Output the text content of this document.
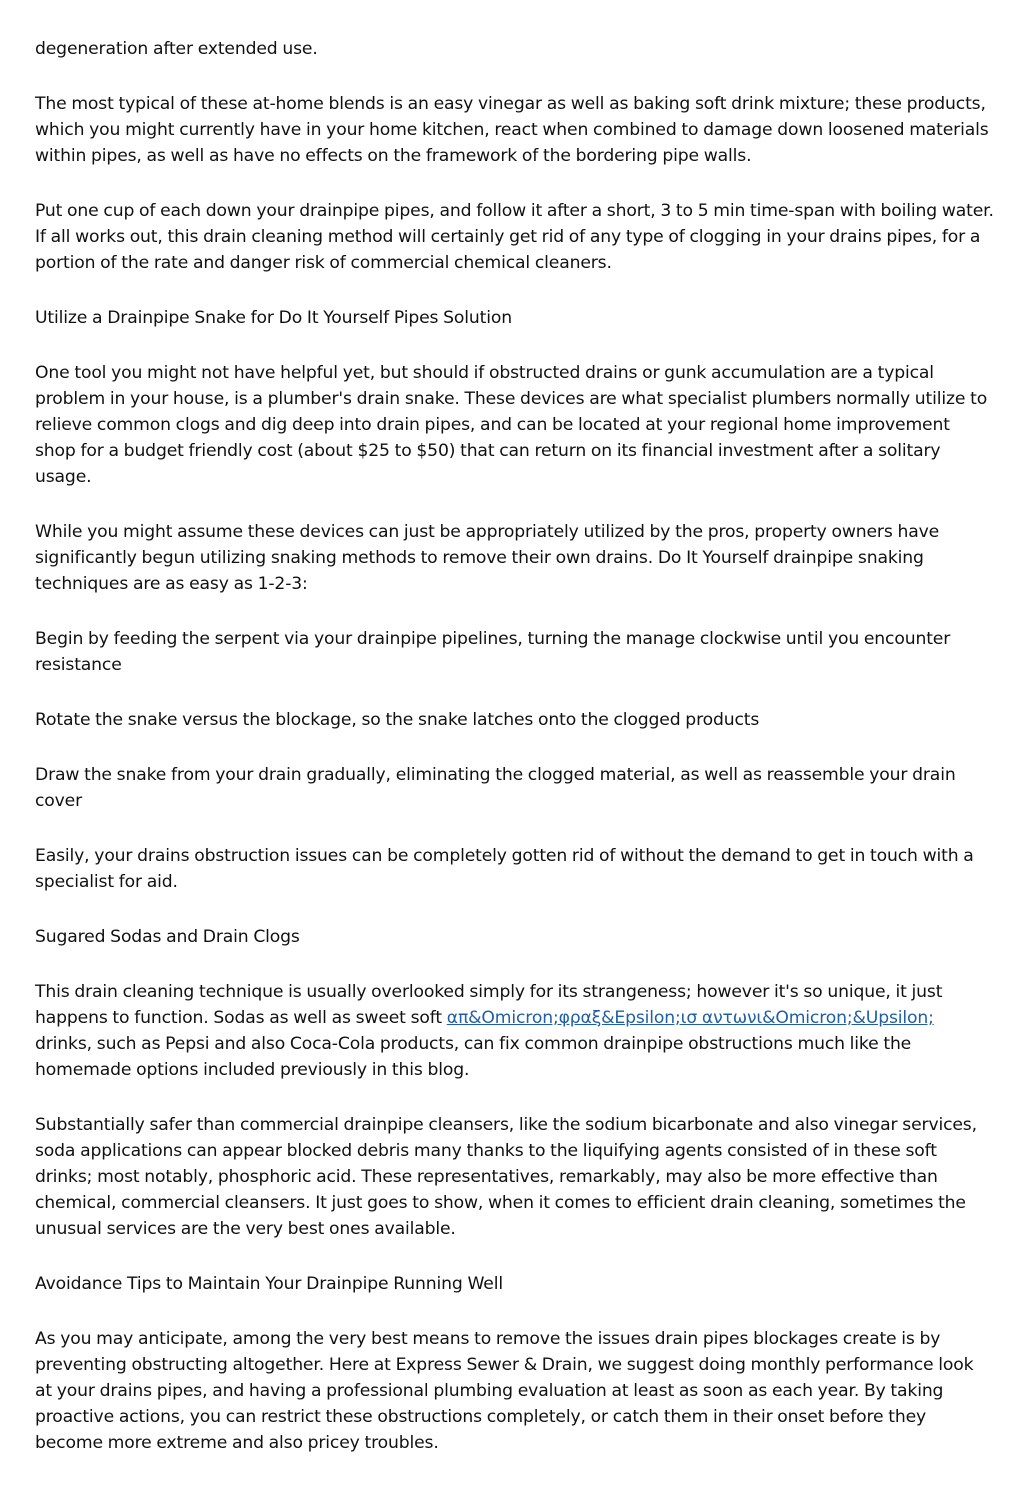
degeneration after extended use.

The most typical of these at-home blends is an easy vinegar as well as baking soft drink mixture; these products, which you might currently have in your home kitchen, react when combined to damage down loosened materials within pipes, as well as have no effects on the framework of the bordering pipe walls.

Put one cup of each down your drainpipe pipes, and follow it after a short, 3 to 5 min time-span with boiling water. If all works out, this drain cleaning method will certainly get rid of any type of clogging in your drains pipes, for a portion of the rate and danger risk of commercial chemical cleaners.

Utilize a Drainpipe Snake for Do It Yourself Pipes Solution

One tool you might not have helpful yet, but should if obstructed drains or gunk accumulation are a typical problem in your house, is a plumber's drain snake. These devices are what specialist plumbers normally utilize to relieve common clogs and dig deep into drain pipes, and can be located at your regional home improvement shop for a budget friendly cost (about $25 to $50) that can return on its financial investment after a solitary usage.

While you might assume these devices can just be appropriately utilized by the pros, property owners have significantly begun utilizing snaking methods to remove their own drains. Do It Yourself drainpipe snaking techniques are as easy as 1-2-3:

Begin by feeding the serpent via your drainpipe pipelines, turning the manage clockwise until you encounter resistance

Rotate the snake versus the blockage, so the snake latches onto the clogged products

Draw the snake from your drain gradually, eliminating the clogged material, as well as reassemble your drain cover

Easily, your drains obstruction issues can be completely gotten rid of without the demand to get in touch with a specialist for aid.

Sugared Sodas and Drain Clogs

This drain cleaning technique is usually overlooked simply for its strangeness; however it's so unique, it just happens to function. Sodas as well as sweet soft απ&Omicron;φραξ&Epsilon;ισ αντωνι&Omicron;&Upsilon; drinks, such as Pepsi and also Coca-Cola products, can fix common drainpipe obstructions much like the homemade options included previously in this blog.

Substantially safer than commercial drainpipe cleansers, like the sodium bicarbonate and also vinegar services, soda applications can appear blocked debris many thanks to the liquifying agents consisted of in these soft drinks; most notably, phosphoric acid. These representatives, remarkably, may also be more effective than chemical, commercial cleansers. It just goes to show, when it comes to efficient drain cleaning, sometimes the unusual services are the very best ones available.

Avoidance Tips to Maintain Your Drainpipe Running Well

As you may anticipate, among the very best means to remove the issues drain pipes blockages create is by preventing obstructing altogether. Here at Express Sewer & Drain, we suggest doing monthly performance look at your drains pipes, and having a professional plumbing evaluation at least as soon as each year. By taking proactive actions, you can restrict these obstructions completely, or catch them in their onset before they become more extreme and also pricey troubles.
